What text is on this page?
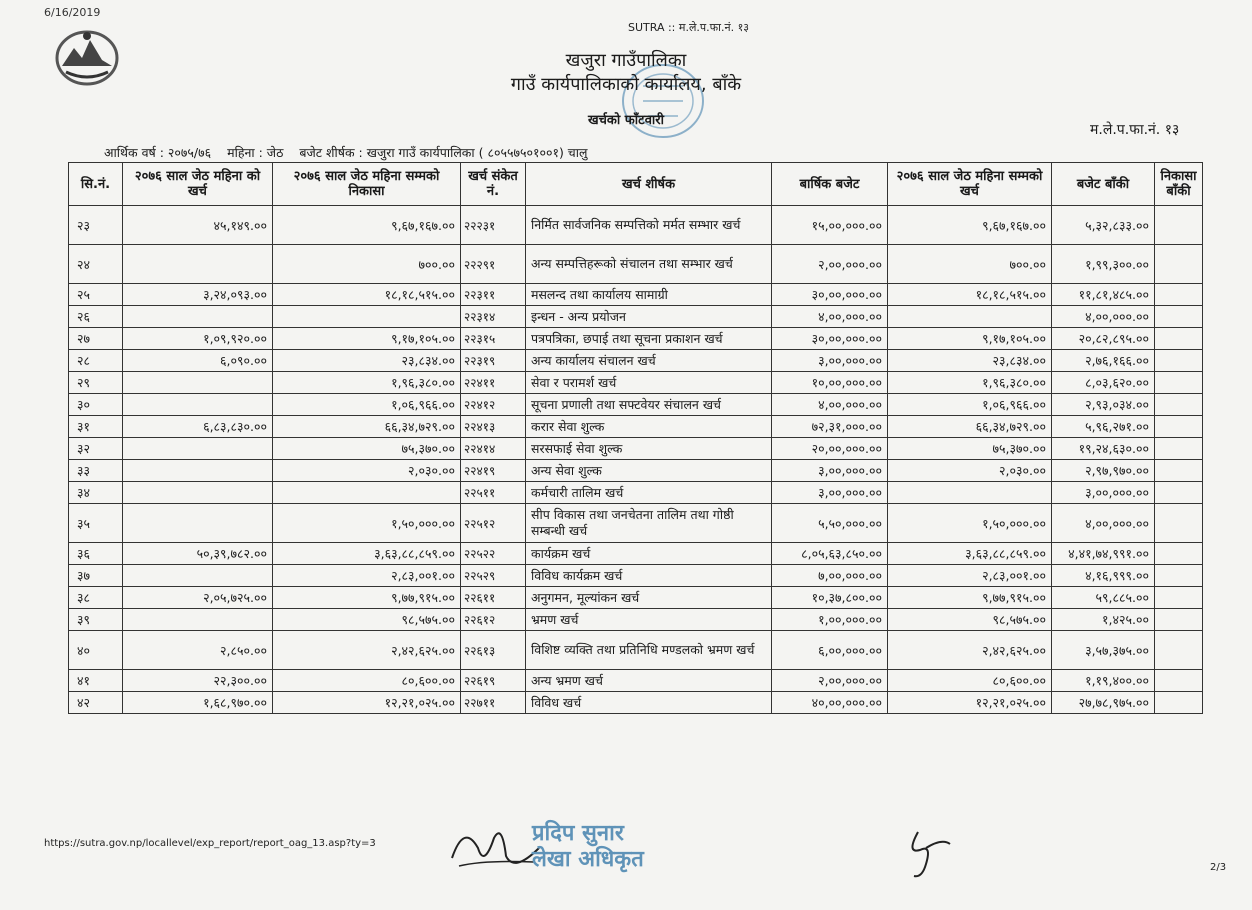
6/16/2019
SUTRA :: म.ले.प.फा.नं. १३
खजुरा गाउँपालिका
गाउँ कार्यपालिकाको कार्यालय, बाँके
खर्चको फाँटवारी
म.ले.प.फा.नं. १३
आर्थिक वर्ष : २०७५/७६ महिना : जेठ बजेट शीर्षक : खजुरा गाउँ कार्यपालिका ( ८०५५७५०१००१) चालु
सि.नं.	२०७६ साल जेठ महिना को खर्च	२०७६ साल जेठ महिना सम्मको निकासा	खर्च संकेत नं.	खर्च शीर्षक	बार्षिक बजेट	२०७६ साल जेठ महिना सम्मको खर्च	बजेट बाँकी	निकासा बाँकी
२३	४५,१४९.००	९,६७,१६७.००	२२२३१	निर्मित सार्वजनिक सम्पत्तिको मर्मत सम्भार खर्च	१५,००,०००.००	९,६७,१६७.००	५,३२,८३३.००	
२४		७००.००	२२२९१	अन्य सम्पत्तिहरूको संचालन तथा सम्भार खर्च	२,००,०००.००	७००.००	१,९९,३००.००	
२५	३,२४,०९३.००	१८,१८,५१५.००	२२३११	मसलन्द तथा कार्यालय सामाग्री	३०,००,०००.००	१८,१८,५१५.००	११,८१,४८५.००	
२६			२२३१४	इन्धन - अन्य प्रयोजन	४,००,०००.००		४,००,०००.००	
२७	१,०९,९२०.००	९,१७,१०५.००	२२३१५	पत्रपत्रिका, छपाई तथा सूचना प्रकाशन खर्च	३०,००,०००.००	९,१७,१०५.००	२०,८२,८९५.००	
२८	६,०९०.००	२३,८३४.००	२२३१९	अन्य कार्यालय संचालन खर्च	३,००,०००.००	२३,८३४.००	२,७६,१६६.००	
२९		१,९६,३८०.००	२२४११	सेवा र परामर्श खर्च	१०,००,०००.००	१,९६,३८०.००	८,०३,६२०.००	
३०		१,०६,९६६.००	२२४१२	सूचना प्रणाली तथा सफ्टवेयर संचालन खर्च	४,००,०००.००	१,०६,९६६.००	२,९३,०३४.००	
३१	६,८३,८३०.००	६६,३४,७२९.००	२२४१३	करार सेवा शुल्क	७२,३१,०००.००	६६,३४,७२९.००	५,९६,२७१.००	
३२		७५,३७०.००	२२४१४	सरसफाई सेवा शुल्क	२०,००,०००.००	७५,३७०.००	१९,२४,६३०.००	
३३		२,०३०.००	२२४१९	अन्य सेवा शुल्क	३,००,०००.००	२,०३०.००	२,९७,९७०.००	
३४			२२५११	कर्मचारी तालिम खर्च	३,००,०००.००		३,००,०००.००	
३५		१,५०,०००.००	२२५१२	सीप विकास तथा जनचेतना तालिम तथा गोष्ठी सम्बन्धी खर्च	५,५०,०००.००	१,५०,०००.००	४,००,०००.००	
३६	५०,३९,७८२.००	३,६३,८८,८५९.००	२२५२२	कार्यक्रम खर्च	८,०५,६३,८५०.००	३,६३,८८,८५९.००	४,४१,७४,९९१.००	
३७		२,८३,००१.००	२२५२९	विविध कार्यक्रम खर्च	७,००,०००.००	२,८३,००१.००	४,१६,९९९.००	
३८	२,०५,७२५.००	९,७७,९१५.००	२२६११	अनुगमन, मूल्यांकन खर्च	१०,३७,८००.००	९,७७,९१५.००	५९,८८५.००	
३९		९८,५७५.००	२२६१२	भ्रमण खर्च	१,००,०००.००	९८,५७५.००	१,४२५.००	
४०	२,८५०.००	२,४२,६२५.००	२२६१३	विशिष्ट व्यक्ति तथा प्रतिनिधि मण्डलको भ्रमण खर्च	६,००,०००.००	२,४२,६२५.००	३,५७,३७५.००	
४१	२२,३००.००	८०,६००.००	२२६१९	अन्य भ्रमण खर्च	२,००,०००.००	८०,६००.००	१,१९,४००.००	
४२	१,६८,९७०.००	१२,२१,०२५.००	२२७११	विविध खर्च	४०,००,०००.००	१२,२१,०२५.००	२७,७८,९७५.००	
https://sutra.gov.np/locallevel/exp_report/report_oag_13.asp?ty=3
2/3
प्रदिप सुनार
लेखा अधिकृत
